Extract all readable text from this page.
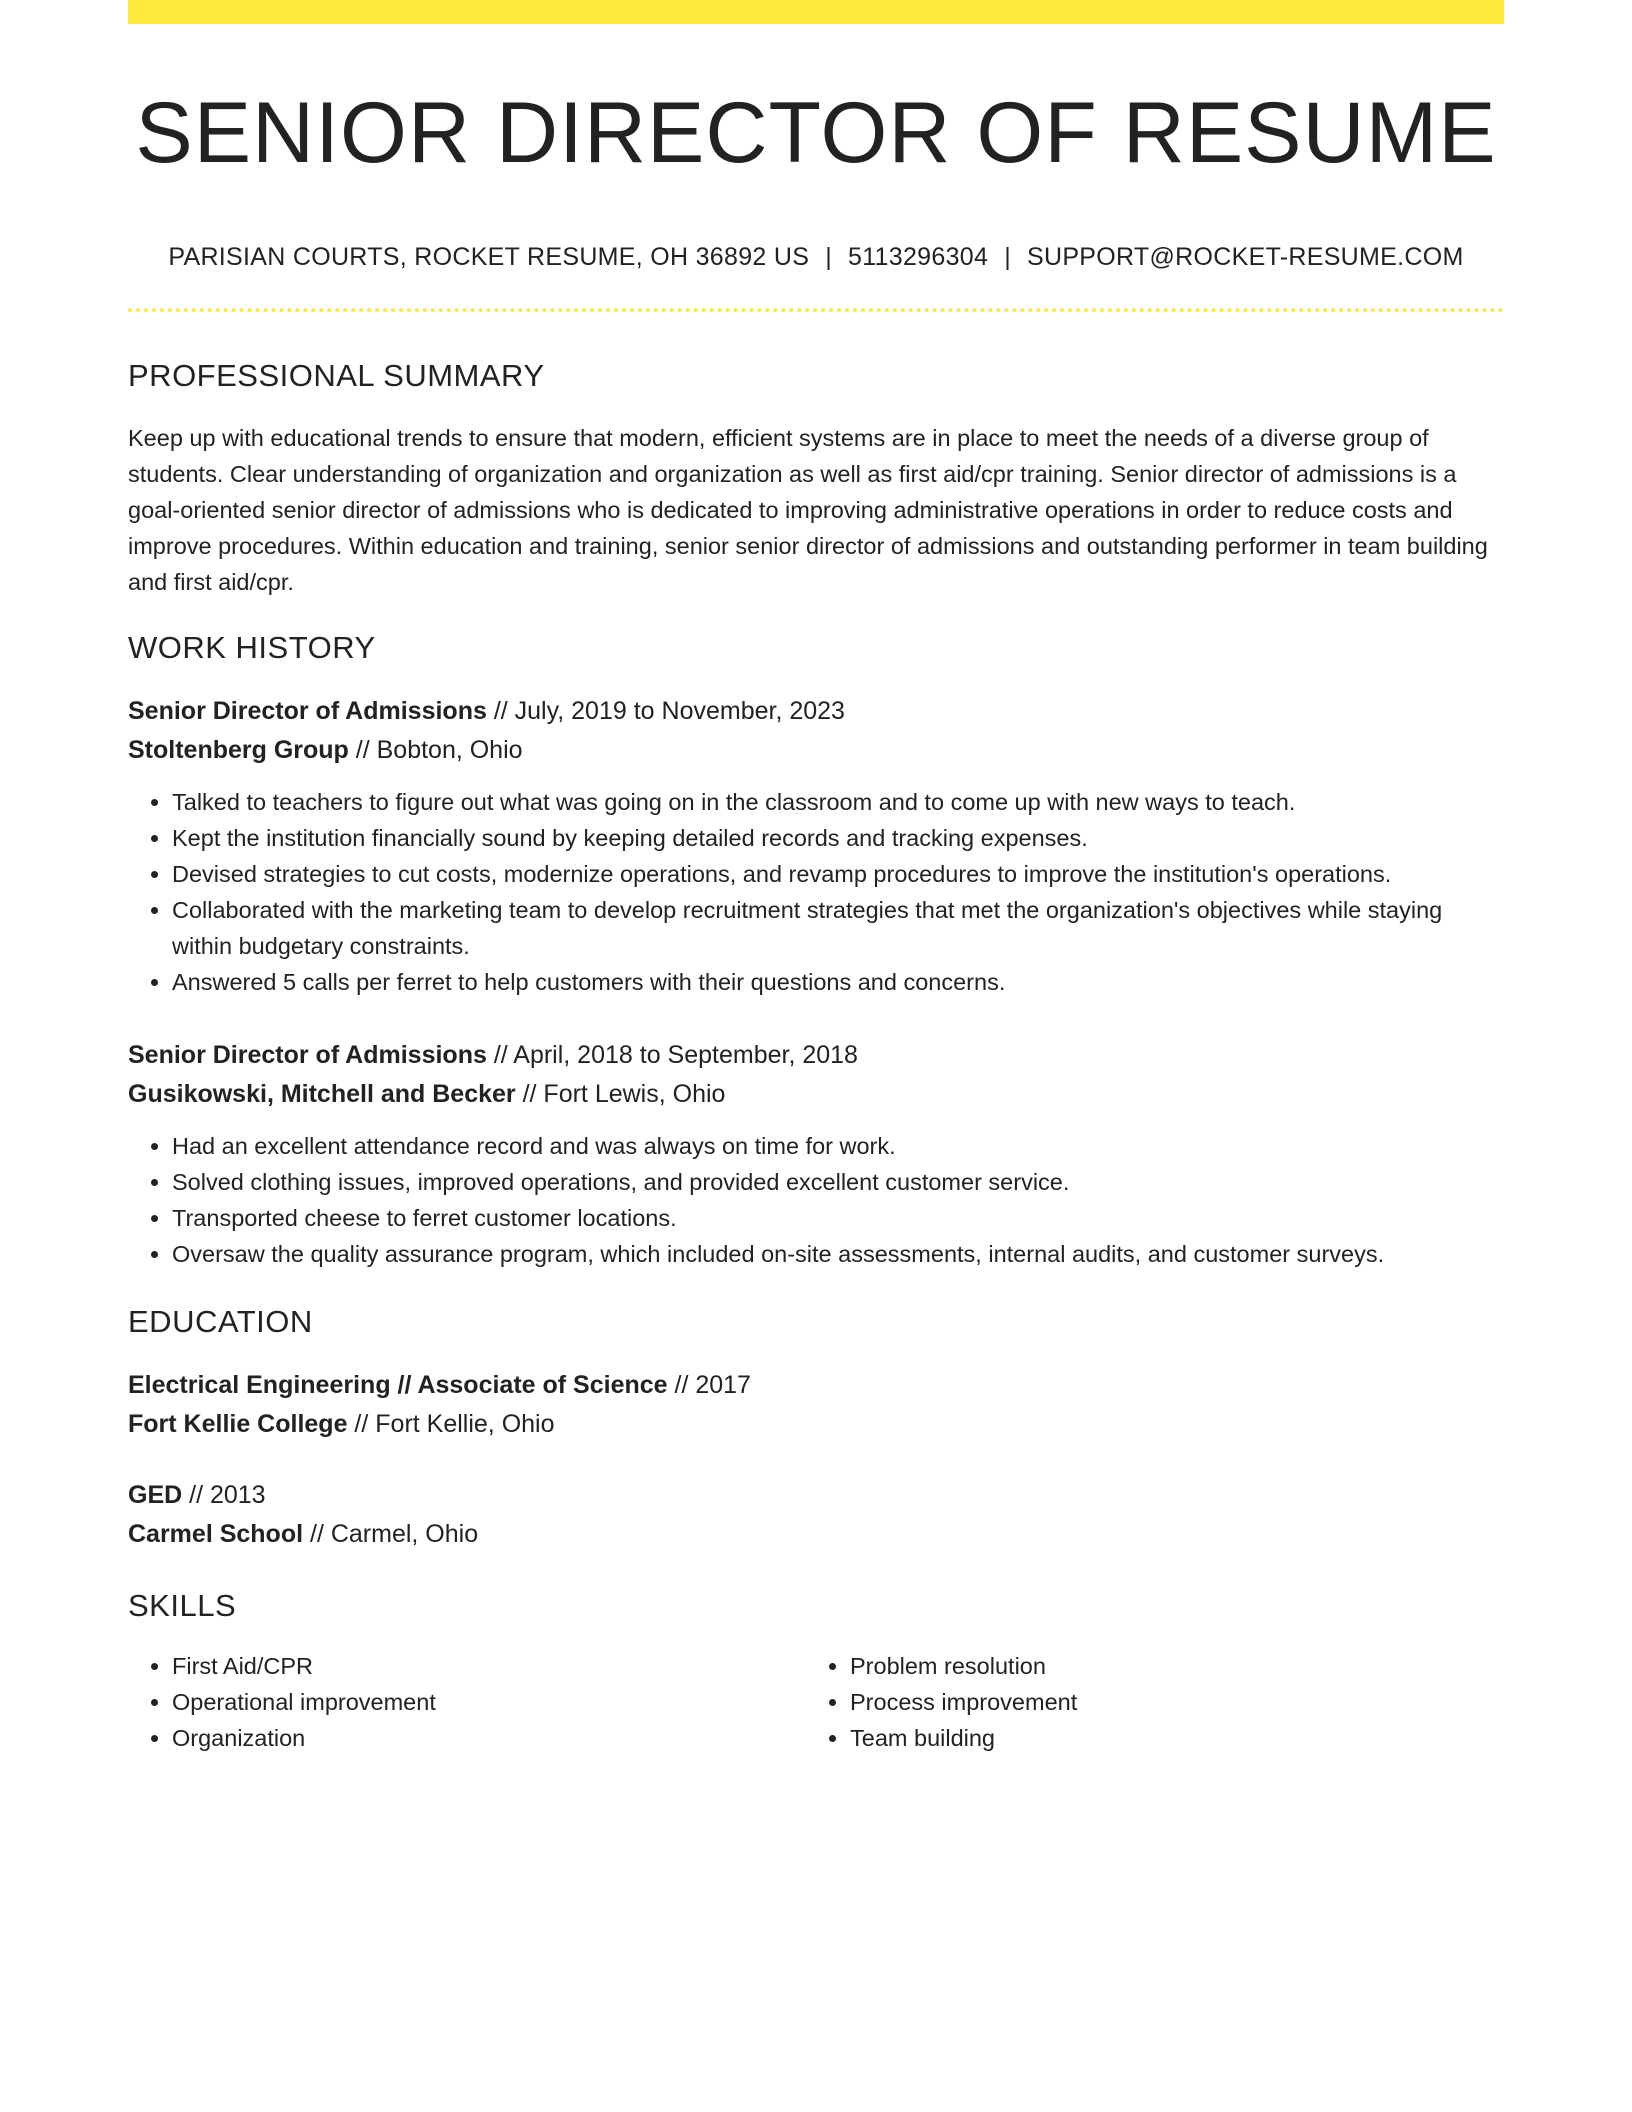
SENIOR DIRECTOR OF RESUME
PARISIAN COURTS, ROCKET RESUME, OH 36892 US | 5113296304 | SUPPORT@ROCKET-RESUME.COM
PROFESSIONAL SUMMARY
Keep up with educational trends to ensure that modern, efficient systems are in place to meet the needs of a diverse group of students. Clear understanding of organization and organization as well as first aid/cpr training. Senior director of admissions is a goal-oriented senior director of admissions who is dedicated to improving administrative operations in order to reduce costs and improve procedures. Within education and training, senior senior director of admissions and outstanding performer in team building and first aid/cpr.
WORK HISTORY
Senior Director of Admissions // July, 2019 to November, 2023
Stoltenberg Group // Bobton, Ohio
• Talked to teachers to figure out what was going on in the classroom and to come up with new ways to teach.
• Kept the institution financially sound by keeping detailed records and tracking expenses.
• Devised strategies to cut costs, modernize operations, and revamp procedures to improve the institution's operations.
• Collaborated with the marketing team to develop recruitment strategies that met the organization's objectives while staying within budgetary constraints.
• Answered 5 calls per ferret to help customers with their questions and concerns.
Senior Director of Admissions // April, 2018 to September, 2018
Gusikowski, Mitchell and Becker // Fort Lewis, Ohio
• Had an excellent attendance record and was always on time for work.
• Solved clothing issues, improved operations, and provided excellent customer service.
• Transported cheese to ferret customer locations.
• Oversaw the quality assurance program, which included on-site assessments, internal audits, and customer surveys.
EDUCATION
Electrical Engineering // Associate of Science // 2017
Fort Kellie College // Fort Kellie, Ohio
GED // 2013
Carmel School // Carmel, Ohio
SKILLS
• First Aid/CPR
• Operational improvement
• Organization
• Problem resolution
• Process improvement
• Team building
